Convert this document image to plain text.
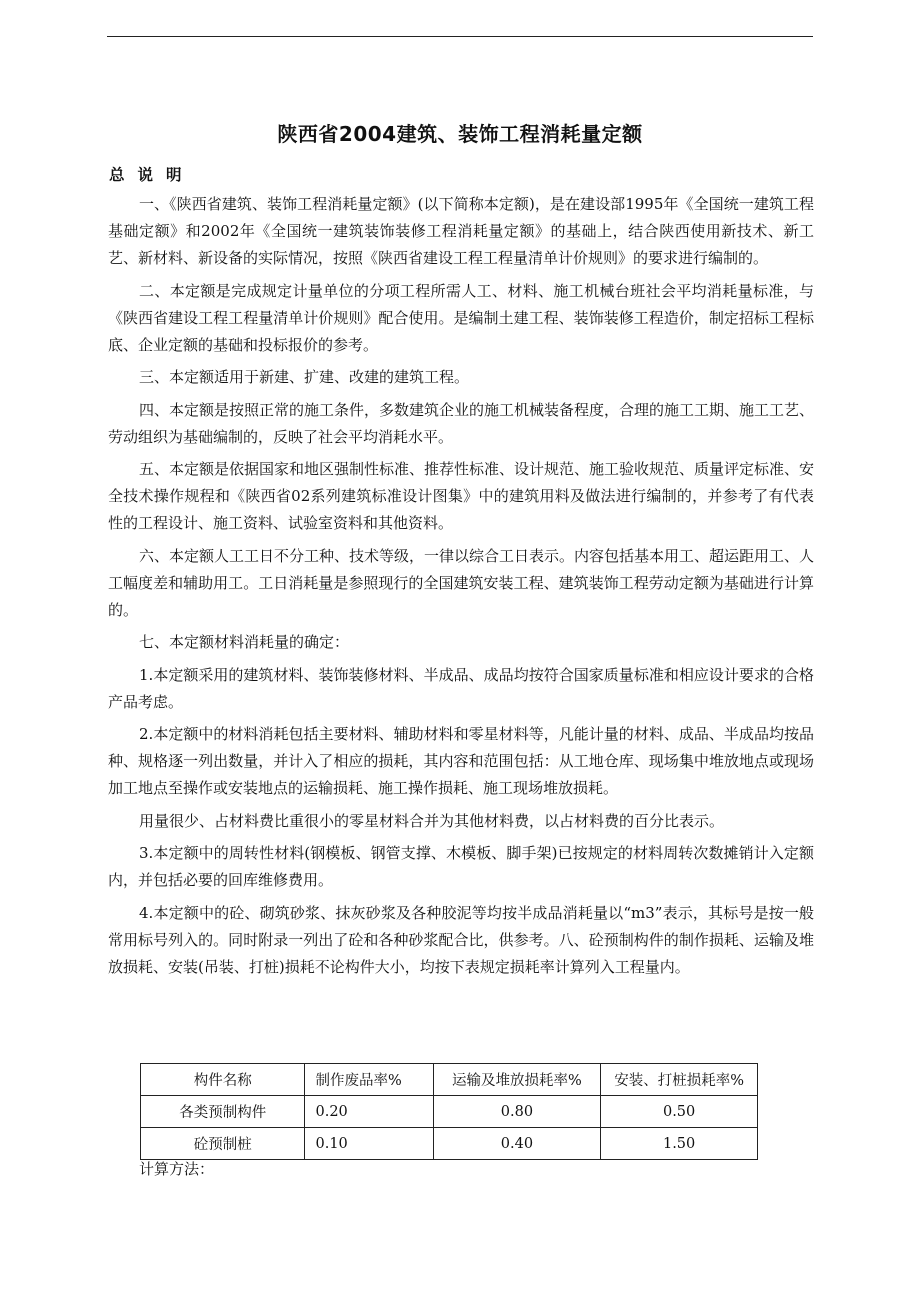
陕西省2004建筑、装饰工程消耗量定额
总说明

一、《陕西省建筑、装饰工程消耗量定额》(以下简称本定额)，是在建设部1995年《全国统一建筑工程基础定额》和2002年《全国统一建筑装饰装修工程消耗量定额》的基础上，结合陕西使用新技术、新工艺、新材料、新设备的实际情况，按照《陕西省建设工程工程量清单计价规则》的要求进行编制的。

二、本定额是完成规定计量单位的分项工程所需人工、材料、施工机械台班社会平均消耗量标准，与《陕西省建设工程工程量清单计价规则》配合使用。是编制土建工程、装饰装修工程造价，制定招标工程标底、企业定额的基础和投标报价的参考。

三、本定额适用于新建、扩建、改建的建筑工程。

四、本定额是按照正常的施工条件，多数建筑企业的施工机械装备程度，合理的施工工期、施工工艺、劳动组织为基础编制的，反映了社会平均消耗水平。

五、本定额是依据国家和地区强制性标准、推荐性标准、设计规范、施工验收规范、质量评定标准、安全技术操作规程和《陕西省02系列建筑标准设计图集》中的建筑用料及做法进行编制的，并参考了有代表性的工程设计、施工资料、试验室资料和其他资料。

六、本定额人工工日不分工种、技术等级，一律以综合工日表示。内容包括基本用工、超运距用工、人工幅度差和辅助用工。工日消耗量是参照现行的全国建筑安装工程、建筑装饰工程劳动定额为基础进行计算的。

七、本定额材料消耗量的确定：

1.本定额采用的建筑材料、装饰装修材料、半成品、成品均按符合国家质量标准和相应设计要求的合格产品考虑。

2.本定额中的材料消耗包括主要材料、辅助材料和零星材料等，凡能计量的材料、成品、半成品均按品种、规格逐一列出数量，并计入了相应的损耗，其内容和范围包括：从工地仓库、现场集中堆放地点或现场加工地点至操作或安装地点的运输损耗、施工操作损耗、施工现场堆放损耗。

用量很少、占材料费比重很小的零星材料合并为其他材料费，以占材料费的百分比表示。

3.本定额中的周转性材料(钢模板、钢管支撑、木模板、脚手架)已按规定的材料周转次数摊销计入定额内，并包括必要的回库维修费用。

4.本定额中的砼、砌筑砂浆、抹灰砂浆及各种胶泥等均按半成品消耗量以“m3”表示，其标号是按一般常用标号列入的。同时附录一列出了砼和各种砂浆配合比，供参考。八、砼预制构件的制作损耗、运输及堆放损耗、安装(吊装、打桩)损耗不论构件大小，均按下表规定损耗率计算列入工程量内。

构件名称	制作废品率%	运输及堆放损耗率%	安装、打桩损耗率%
各类预制构件	0.20	0.80	0.50
砼预制桩	0.10	0.40	1.50
计算方法：
